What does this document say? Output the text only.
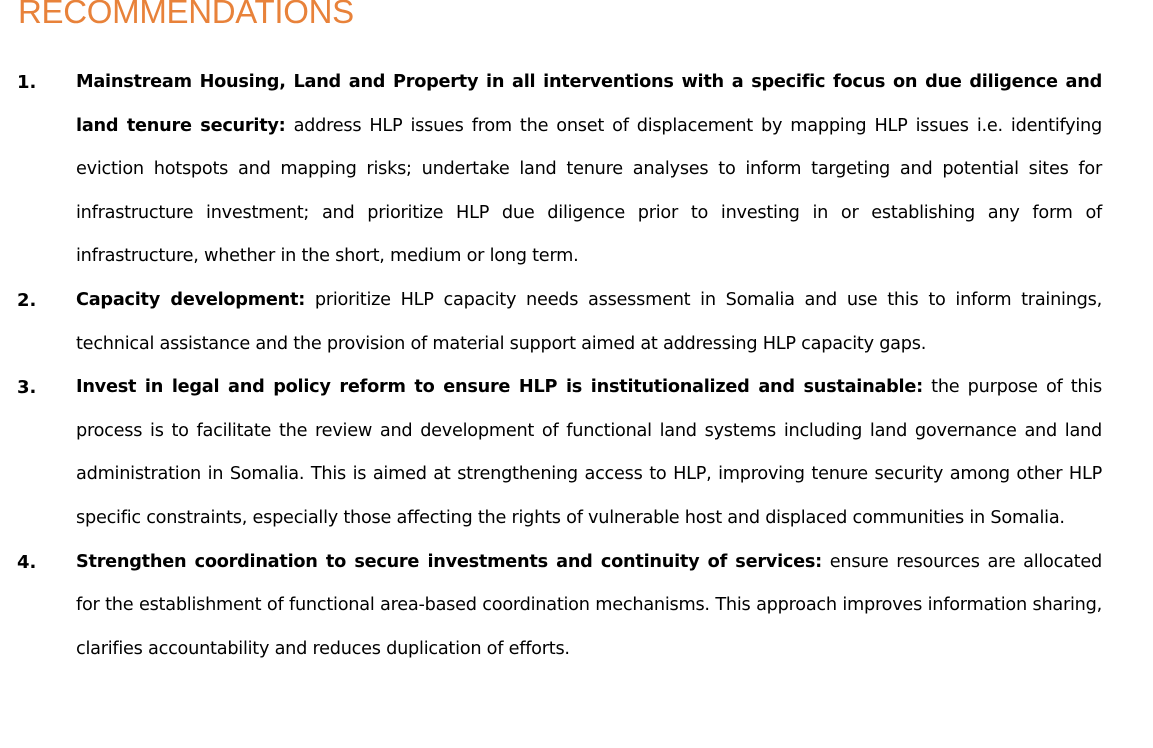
RECOMMENDATIONS
1. Mainstream Housing, Land and Property in all interventions with a specific focus on due diligence and land tenure security: address HLP issues from the onset of displacement by mapping HLP issues i.e. identifying eviction hotspots and mapping risks; undertake land tenure analyses to inform targeting and potential sites for infrastructure investment; and prioritize HLP due diligence prior to investing in or establishing any form of infrastructure, whether in the short, medium or long term.
2. Capacity development: prioritize HLP capacity needs assessment in Somalia and use this to inform trainings, technical assistance and the provision of material support aimed at addressing HLP capacity gaps.
3. Invest in legal and policy reform to ensure HLP is institutionalized and sustainable: the purpose of this process is to facilitate the review and development of functional land systems including land governance and land administration in Somalia. This is aimed at strengthening access to HLP, improving tenure security among other HLP specific constraints, especially those affecting the rights of vulnerable host and displaced communities in Somalia.
4. Strengthen coordination to secure investments and continuity of services: ensure resources are allocated for the establishment of functional area-based coordination mechanisms. This approach improves information sharing, clarifies accountability and reduces duplication of efforts.
